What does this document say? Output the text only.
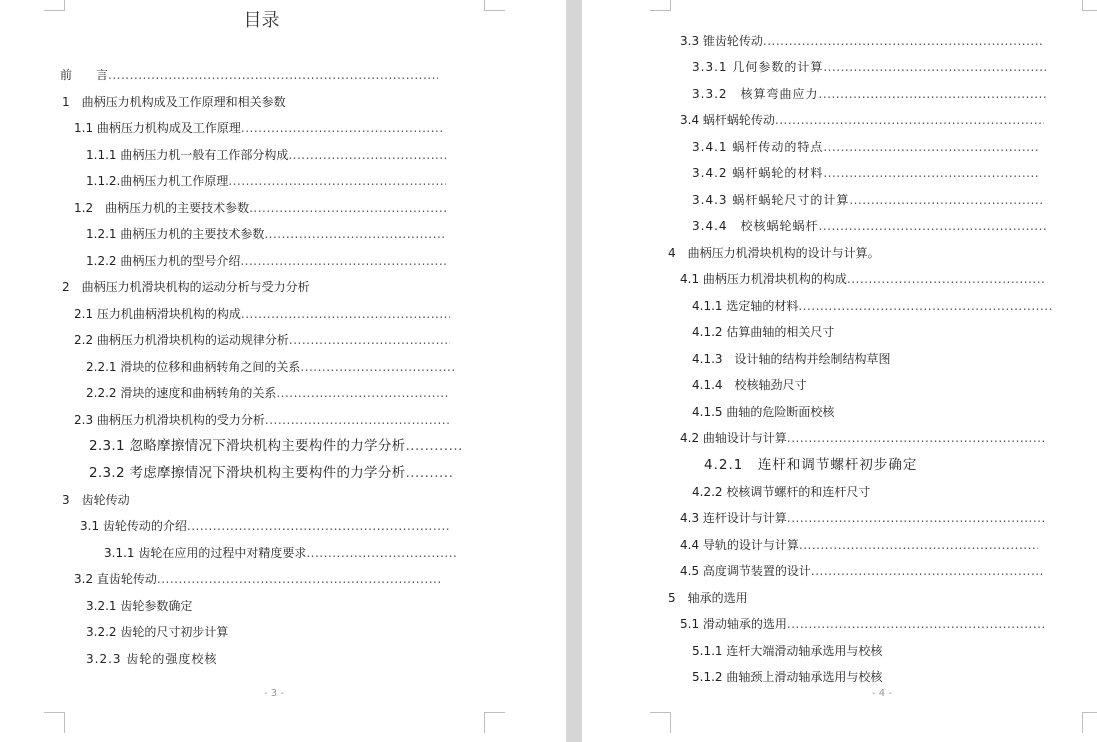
目录
前　　言 .....
1　曲柄压力机构成及工作原理和相关参数
1.1 曲柄压力机构成及工作原理 .....
1.1.1 曲柄压力机一般有工作部分构成 .....
1.1.2.曲柄压力机工作原理 .....
1.2　曲柄压力机的主要技术参数 .....
1.2.1 曲柄压力机的主要技术参数 .....
1.2.2 曲柄压力机的型号介绍 .....
2　曲柄压力机滑块机构的运动分析与受力分析
2.1 压力机曲柄滑块机构的构成 .....
2.2 曲柄压力机滑块机构的运动规律分析 .....
2.2.1 滑块的位移和曲柄转角之间的关系 .....
2.2.2 滑块的速度和曲柄转角的关系 .....
2.3 曲柄压力机滑块机构的受力分析 .....
2.3.1 忽略摩擦情况下滑块机构主要构件的力学分析 .....
2.3.2 考虑摩擦情况下滑块机构主要构件的力学分析 .....
3　齿轮传动
3.1 齿轮传动的介绍 .....
3.1.1 齿轮在应用的过程中对精度要求 .....
3.2 直齿轮传动 .....
3.2.1 齿轮参数确定
3.2.2 齿轮的尺寸初步计算
3.2.3 齿轮的强度校核
- 3 -
3.3 锥齿轮传动 .....
3.3.1 几何参数的计算 .....
3.3.2　核算弯曲应力 .....
3.4 蜗杆蜗轮传动 .....
3.4.1 蜗杆传动的特点 .....
3.4.2 蜗杆蜗轮的材料 .....
3.4.3 蜗杆蜗轮尺寸的计算 .....
3.4.4　校核蜗轮蜗杆 .....
4　曲柄压力机滑块机构的设计与计算。
4.1 曲柄压力机滑块机构的构成 .....
4.1.1 选定轴的材料 .....
4.1.2 估算曲轴的相关尺寸
4.1.3　设计轴的结构并绘制结构草图
4.1.4　校核轴劲尺寸
4.1.5 曲轴的危险断面校核
4.2 曲轴设计与计算 .....
4.2.1　连杆和调节螺杆初步确定
4.2.2 校核调节螺杆的和连杆尺寸
4.3 连杆设计与计算 .....
4.4 导轨的设计与计算 .....
4.5 高度调节装置的设计 .....
5　轴承的选用
5.1 滑动轴承的选用 .....
5.1.1 连杆大端滑动轴承选用与校核
5.1.2 曲轴颈上滑动轴承选用与校核
- 4 -
